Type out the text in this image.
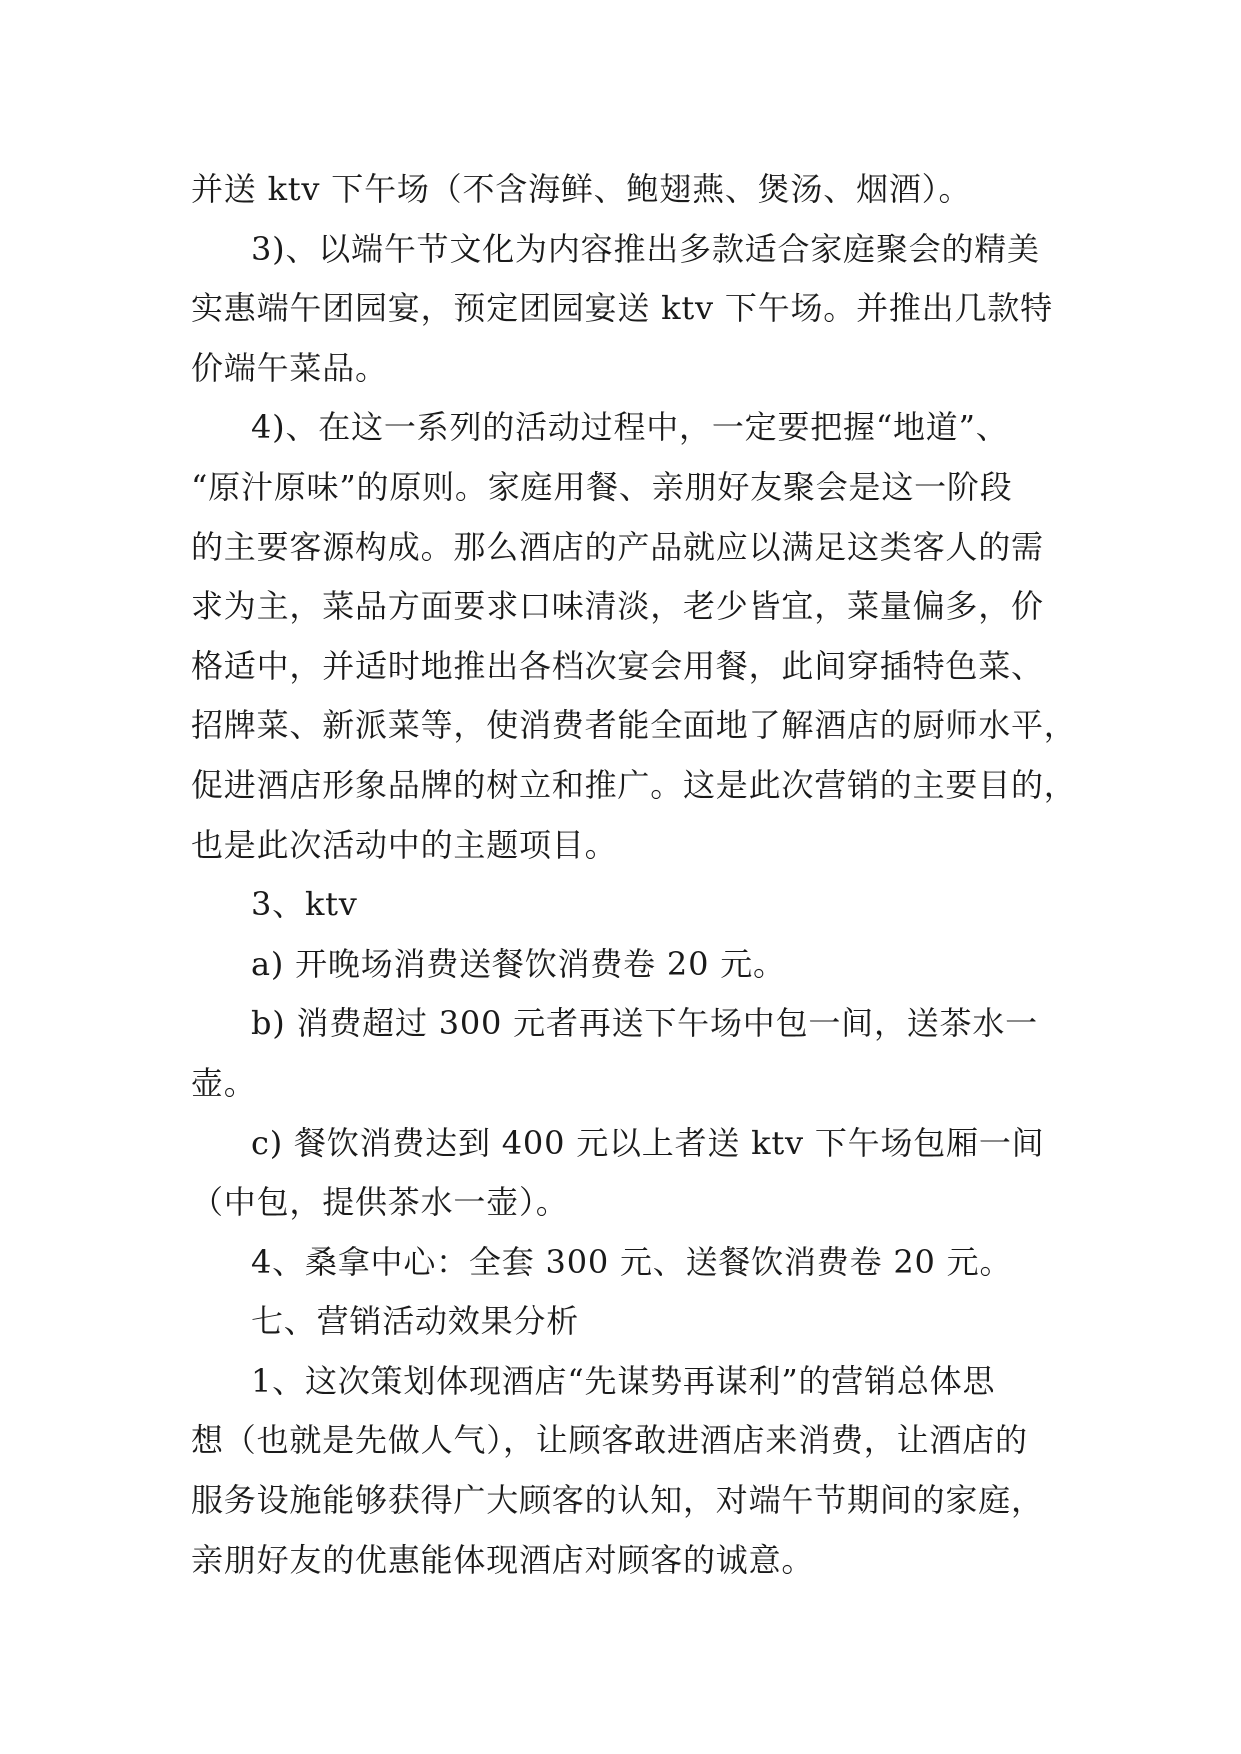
并送 ktv 下午场（不含海鲜、鲍翅燕、煲汤、烟酒）。
3)、以端午节文化为内容推出多款适合家庭聚会的精美
实惠端午团园宴，预定团园宴送 ktv 下午场。并推出几款特
价端午菜品。
4)、在这一系列的活动过程中，一定要把握“地道”、
“原汁原味”的原则。家庭用餐、亲朋好友聚会是这一阶段
的主要客源构成。那么酒店的产品就应以满足这类客人的需
求为主，菜品方面要求口味清淡，老少皆宜，菜量偏多，价
格适中，并适时地推出各档次宴会用餐，此间穿插特色菜、
招牌菜、新派菜等，使消费者能全面地了解酒店的厨师水平，
促进酒店形象品牌的树立和推广。这是此次营销的主要目的，
也是此次活动中的主题项目。
3、ktv
a) 开晚场消费送餐饮消费卷 20 元。
b) 消费超过 300 元者再送下午场中包一间，送茶水一
壶。
c) 餐饮消费达到 400 元以上者送 ktv 下午场包厢一间
（中包，提供茶水一壶）。
4、桑拿中心：全套 300 元、送餐饮消费卷 20 元。
七、营销活动效果分析
1、这次策划体现酒店“先谋势再谋利”的营销总体思
想（也就是先做人气），让顾客敢进酒店来消费，让酒店的
服务设施能够获得广大顾客的认知，对端午节期间的家庭，
亲朋好友的优惠能体现酒店对顾客的诚意。
